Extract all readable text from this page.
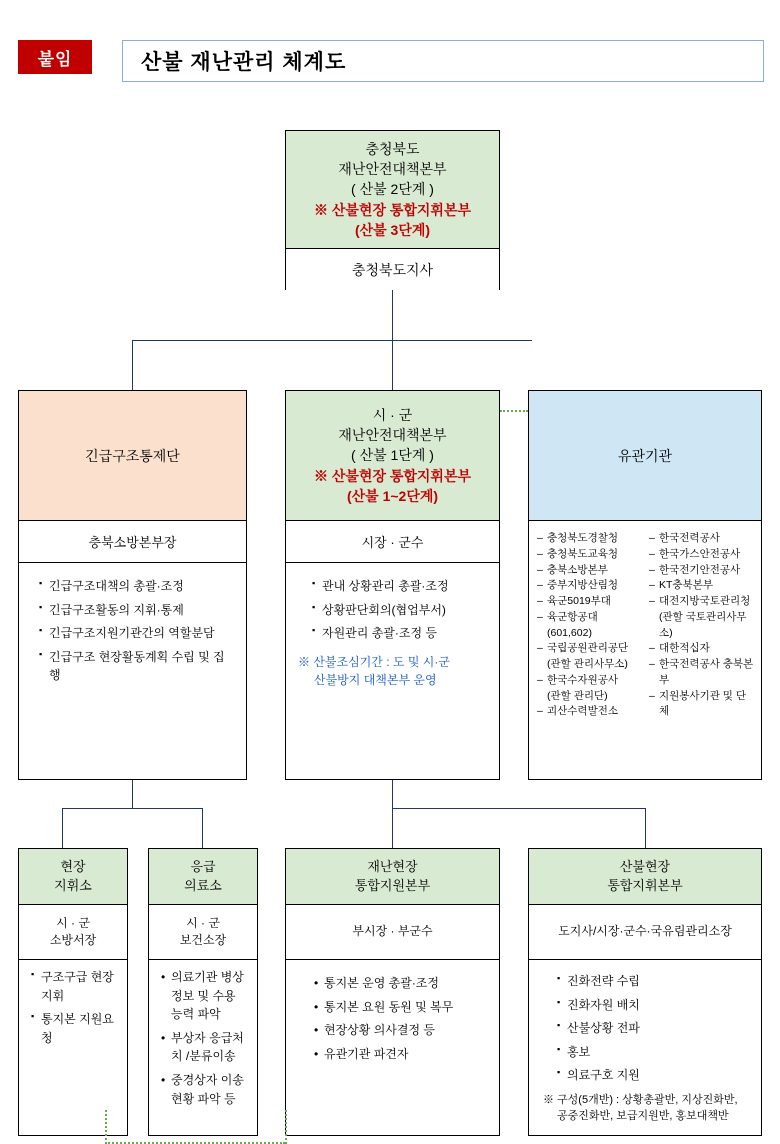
붙임	산불 재난관리 체계도
충청북도
재난안전대책본부
( 산불 2단계 )
※ 산불현장 통합지휘본부
(산불 3단계)
충청북도지사
긴급구조통제단
충북소방본부장
▪ 긴급구조대책의 총괄·조정
▪ 긴급구조활동의 지휘·통제
▪ 긴급구조지원기관간의 역할분담
▪ 긴급구조 현장활동계획 수립 및 집행
시 · 군
재난안전대책본부
( 산불 1단계 )
※ 산불현장 통합지휘본부
(산불 1~2단계)
시장 · 군수
▪ 관내 상황관리 총괄·조정
▪ 상황판단회의(협업부서)
▪ 자원관리 총괄·조정 등
※ 산불조심기간 : 도 및 시·군
산불방지 대책본부 운영
유관기관
– 충청북도경찰청
– 충청북도교육청
– 충북소방본부
– 중부지방산림청
– 육군5019부대
– 육군항공대
(601,602)
– 국립공원관리공단
(관할 관리사무소)
– 한국수자원공사
(관할 관리단)
– 괴산수력발전소
– 한국전력공사
– 한국가스안전공사
– 한국전기안전공사
– KT충북본부
– 대전지방국토관리청
(관할 국토관리사무소)
– 대한적십자
– 한국전력공사 충북본부
– 지원봉사기관 및 단체
현장
지휘소
시 · 군
소방서장
▪ 구조구급 현장지휘
▪ 통지본 지원요청
응급
의료소
시 · 군
보건소장
• 의료기관 병상정보 및 수용능력 파악
• 부상자 응급처치 /분류이송
• 중경상자 이송현황 파악 등
재난현장
통합지원본부
부시장 · 부군수
• 통지본 운영 총괄·조정
• 통지본 요원 동원 및 복무
• 현장상황 의사결정 등
• 유관기관 파견자
산불현장
통합지휘본부
도지사/시장·군수·국유림관리소장
▪ 진화전략 수립
▪ 진화자원 배치
▪ 산불상황 전파
▪ 홍보
▪ 의료구호 지원
※ 구성(5개반) : 상황총괄반, 지상진화반,
공중진화반, 보급지원반, 홍보대책반
